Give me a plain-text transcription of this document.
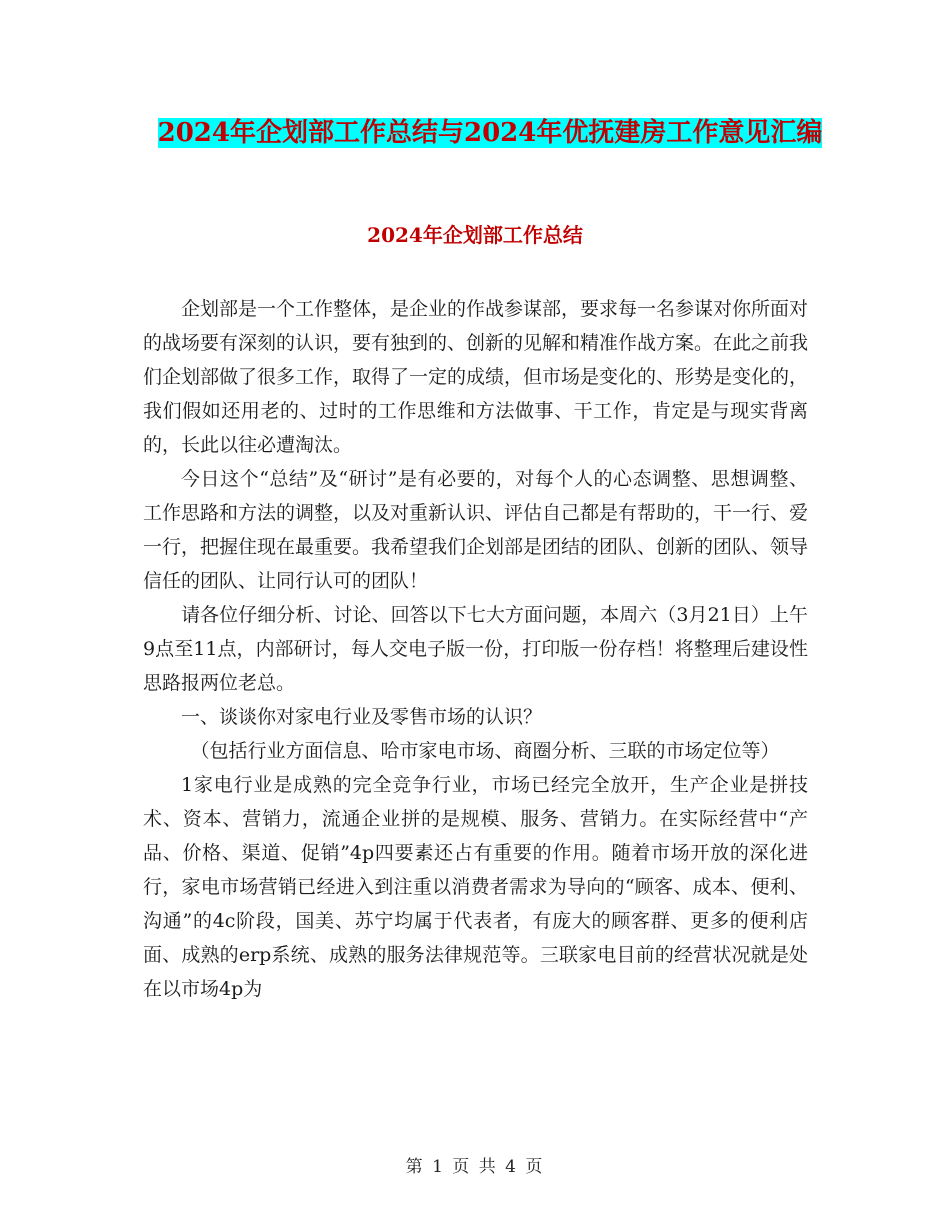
2024年企划部工作总结与2024年优抚建房工作意见汇编
2024年企划部工作总结

企划部是一个工作整体，是企业的作战参谋部，要求每一名参谋对你所面对的战场要有深刻的认识，要有独到的、创新的见解和精准作战方案。在此之前我们企划部做了很多工作，取得了一定的成绩，但市场是变化的、形势是变化的，我们假如还用老的、过时的工作思维和方法做事、干工作，肯定是与现实背离的，长此以往必遭淘汰。

今日这个“总结”及“研讨”是有必要的，对每个人的心态调整、思想调整、工作思路和方法的调整，以及对重新认识、评估自己都是有帮助的，干一行、爱一行，把握住现在最重要。我希望我们企划部是团结的团队、创新的团队、领导信任的团队、让同行认可的团队！

请各位仔细分析、讨论、回答以下七大方面问题，本周六（3月21日）上午9点至11点，内部研讨，每人交电子版一份，打印版一份存档！将整理后建设性思路报两位老总。

一、谈谈你对家电行业及零售市场的认识？

（包括行业方面信息、哈市家电市场、商圈分析、三联的市场定位等）

1家电行业是成熟的完全竞争行业，市场已经完全放开，生产企业是拼技术、资本、营销力，流通企业拼的是规模、服务、营销力。在实际经营中“产品、价格、渠道、促销”4p四要素还占有重要的作用。随着市场开放的深化进行，家电市场营销已经进入到注重以消费者需求为导向的“顾客、成本、便利、沟通”的4c阶段，国美、苏宁均属于代表者，有庞大的顾客群、更多的便利店面、成熟的erp系统、成熟的服务法律规范等。三联家电目前的经营状况就是处在以市场4p为

第 1 页 共 4 页
